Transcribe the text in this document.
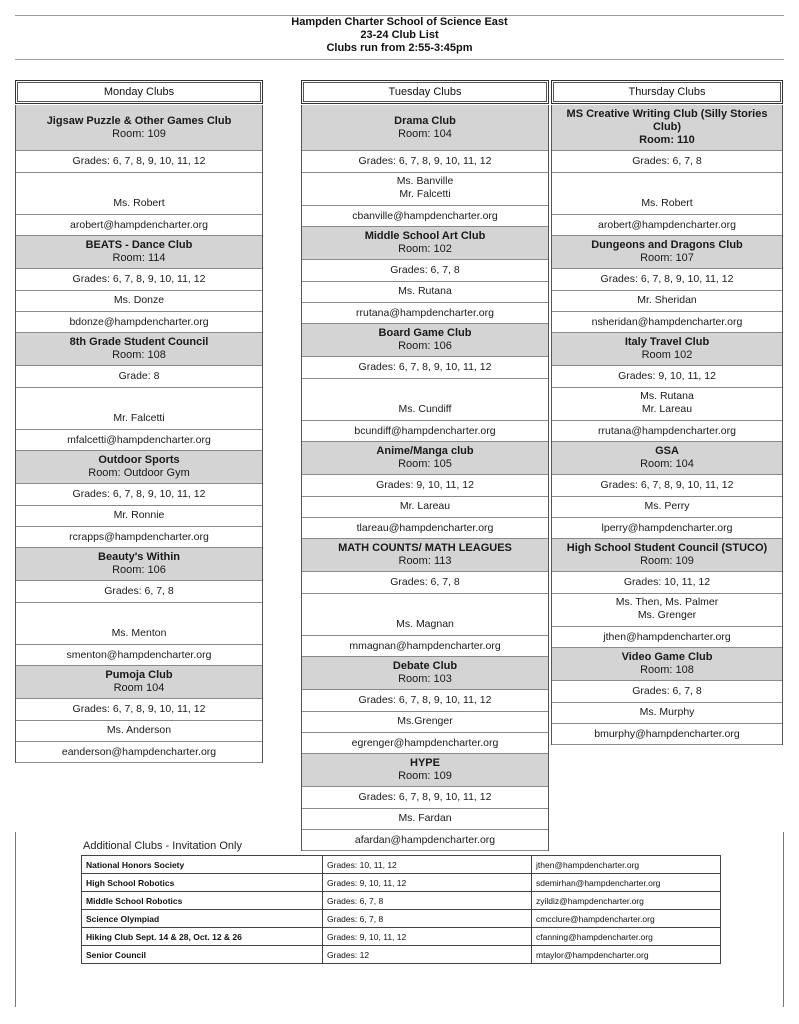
Hampden Charter School of Science East
23-24 Club List
Clubs run from 2:55-3:45pm
Monday Clubs
Jigsaw Puzzle & Other Games Club
Room: 109
Grades: 6, 7, 8, 9, 10, 11, 12
Ms. Robert
arobert@hampdencharter.org
BEATS - Dance Club
Room: 114
Grades: 6, 7, 8, 9, 10, 11, 12
Ms. Donze
bdonze@hampdencharter.org
8th Grade Student Council
Room: 108
Grade: 8
Mr. Falcetti
mfalcetti@hampdencharter.org
Outdoor Sports
Room: Outdoor Gym
Grades: 6, 7, 8, 9, 10, 11, 12
Mr. Ronnie
rcrapps@hampdencharter.org
Beauty's Within
Room: 106
Grades: 6, 7, 8
Ms. Menton
smenton@hampdencharter.org
Pumoja Club
Room 104
Grades: 6, 7, 8, 9, 10, 11, 12
Ms. Anderson
eanderson@hampdencharter.org
Tuesday Clubs
Drama Club
Room: 104
Grades: 6, 7, 8, 9, 10, 11, 12
Ms. Banville
Mr. Falcetti
cbanville@hampdencharter.org
Middle School Art Club
Room: 102
Grades: 6, 7, 8
Ms. Rutana
rrutana@hampdencharter.org
Board Game Club
Room: 106
Grades: 6, 7, 8, 9, 10, 11, 12
Ms. Cundiff
bcundiff@hampdencharter.org
Anime/Manga club
Room: 105
Grades: 9, 10, 11, 12
Mr. Lareau
tlareau@hampdencharter.org
MATH COUNTS/ MATH LEAGUES
Room: 113
Grades: 6, 7, 8
Ms. Magnan
mmagnan@hampdencharter.org
Debate Club
Room: 103
Grades: 6, 7, 8, 9, 10, 11, 12
Ms.Grenger
egrenger@hampdencharter.org
HYPE
Room: 109
Grades: 6, 7, 8, 9, 10, 11, 12
Ms. Fardan
afardan@hampdencharter.org
Thursday Clubs
MS Creative Writing Club (Silly Stories Club)
Room: 110
Grades: 6, 7, 8
Ms. Robert
arobert@hampdencharter.org
Dungeons and Dragons Club
Room: 107
Grades: 6, 7, 8, 9, 10, 11, 12
Mr. Sheridan
nsheridan@hampdencharter.org
Italy Travel Club
Room 102
Grades: 9, 10, 11, 12
Ms. Rutana
Mr. Lareau
rrutana@hampdencharter.org
GSA
Room: 104
Grades: 6, 7, 8, 9, 10, 11, 12
Ms. Perry
lperry@hampdencharter.org
High School Student Council (STUCO)
Room: 109
Grades: 10, 11, 12
Ms. Then, Ms. Palmer
Ms. Grenger
jthen@hampdencharter.org
Video Game Club
Room: 108
Grades: 6, 7, 8
Ms. Murphy
bmurphy@hampdencharter.org
Additional Clubs - Invitation Only
National Honors Society	Grades: 10, 11, 12	jthen@hampdencharter.org
High School Robotics	Grades: 9, 10, 11, 12	sdemirhan@hampdencharter.org
Middle School Robotics	Grades: 6, 7, 8	zyildiz@hampdencharter.org
Science Olympiad	Grades: 6, 7, 8	cmcclure@hampdencharter.org
Hiking Club Sept. 14 & 28, Oct. 12 & 26	Grades: 9, 10, 11, 12	cfanning@hampdencharter.org
Senior Council	Grades: 12	mtaylor@hampdencharter.org
